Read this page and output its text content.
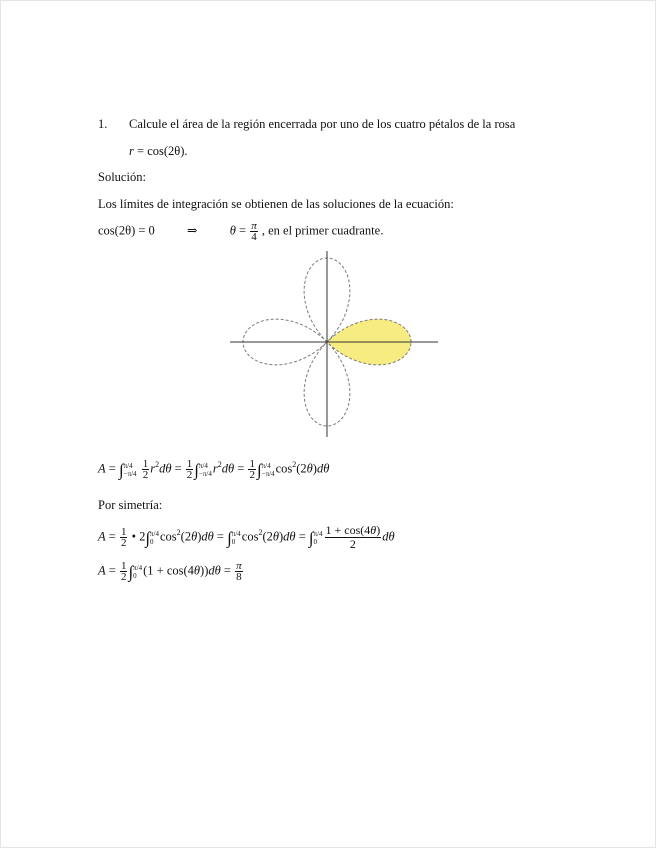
1. Calcule el área de la región encerrada por uno de los cuatro pétalos de la rosa
r = cos(2θ).
Solución:
Los límites de integración se obtienen de las soluciones de la ecuación:
cos(2θ) = 0	⇒	$\theta = \frac{\pi}{4}$ , en el primer cuadrante.
A = ∫ π/4
−π/4
$\frac{1}{2} r^2d\theta = \frac{1}{2}$ ∫ π/4
−π/4 $r^2d\theta = \frac{1}{2}$ ∫ π/4
−π/4 $\cos^2(2\theta)d\theta$
Por simetría:
$A = \frac{1}{2}$ • 2∫ π/4
0 $\cos^2(2\theta)d\theta$ = ∫ π/4
0 $\cos^2(2\theta)d\theta$ = ∫ π/4
$0 \frac{1 + \cos(4\theta)}{2}$ dθ
$A = \frac{1}{2}$ ∫ π/4
0 $(1 + \cos(4\theta))d\theta = \frac{\pi}{8}$
